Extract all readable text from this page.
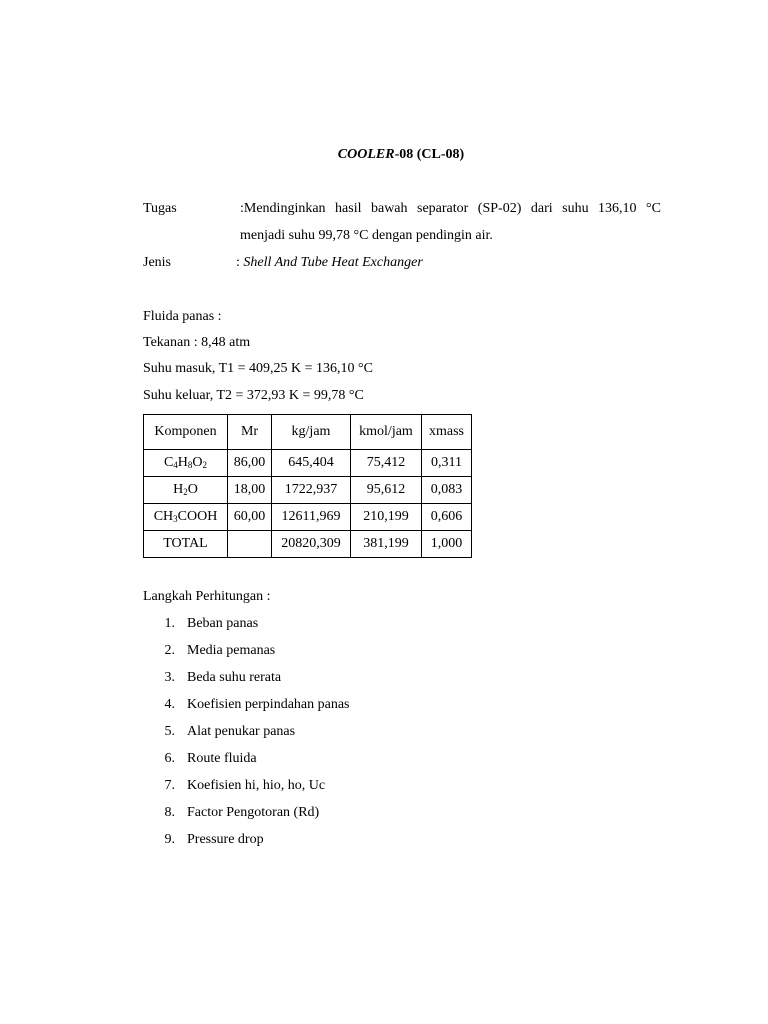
COOLER-08 (CL-08)
Tugas	:Mendinginkan hasil bawah separator (SP-02) dari suhu 136,10 °C
menjadi suhu 99,78 °C dengan pendingin air.
Jenis	: Shell And Tube Heat Exchanger
Fluida panas :
Tekanan : 8,48 atm
Suhu masuk, T1 = 409,25 K = 136,10 °C
Suhu keluar, T2 = 372,93 K = 99,78 °C
Komponen	Mr	kg/jam	kmol/jam	xmass
$C_4H_8O_2$	86,00	645,404	75,412	0,311
$H_2O$	18,00	1722,937	95,612	0,083
$CH_3COOH$	60,00	12611,969	210,199	0,606
TOTAL		20820,309	381,199	1,000
Langkah Perhitungan :
1. Beban panas
2. Media pemanas
3. Beda suhu rerata
4. Koefisien perpindahan panas
5. Alat penukar panas
6. Route fluida
7. Koefisien hi, hio, ho, Uc
8. Factor Pengotoran (Rd)
9. Pressure drop
